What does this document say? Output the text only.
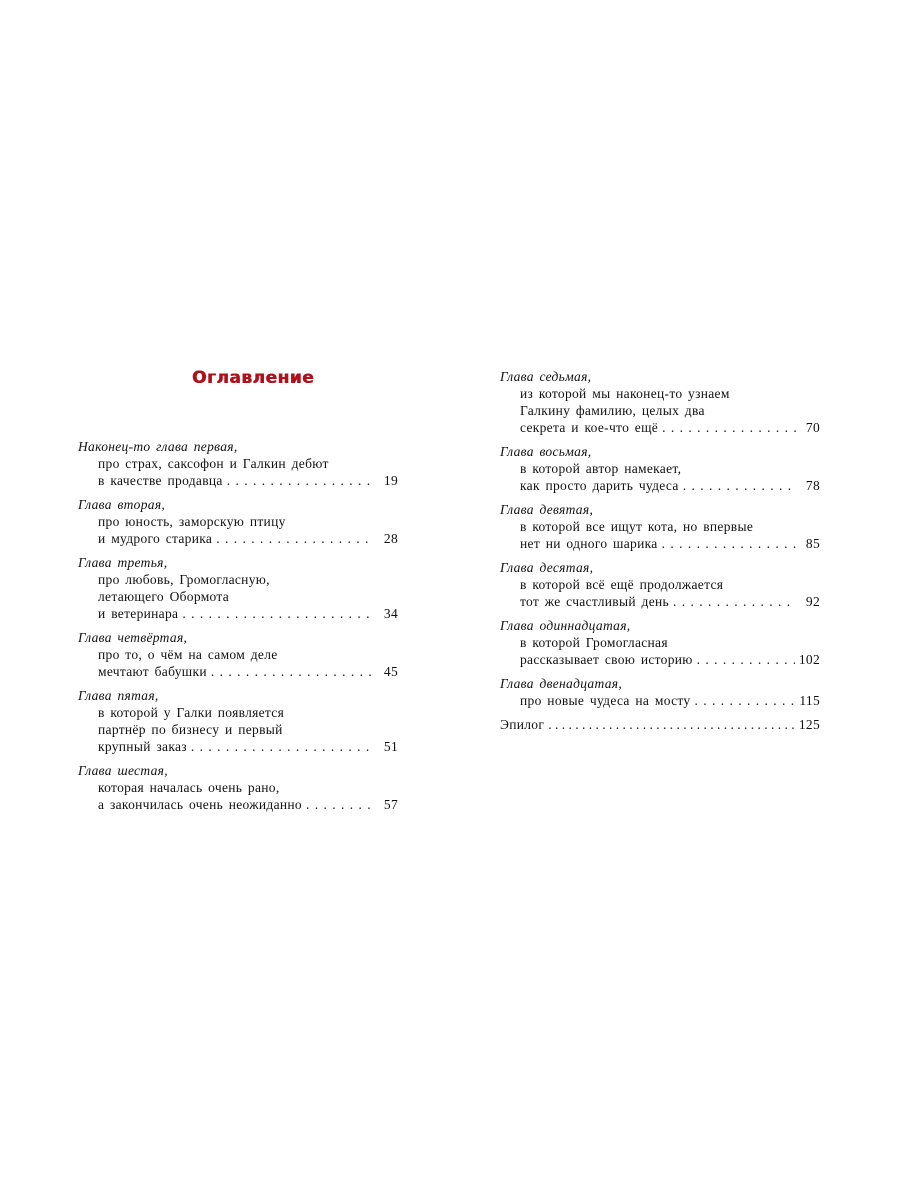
Оглавление
Наконец-то глава первая,
про страх, саксофон и Галкин дебют
в качестве продавца . . .	19
Глава вторая,
про юность, заморскую птицу
и мудрого старика . . .	28
Глава третья,
про любовь, Громогласную,
летающего Обормота
и ветеринара . . .	34
Глава четвёртая,
про то, о чём на самом деле
мечтают бабушки . . .	45
Глава пятая,
в которой у Галки появляется
партнёр по бизнесу и первый
крупный заказ . . .	51
Глава шестая,
которая началась очень рано,
а закончилась очень неожиданно . . .	57
Глава седьмая,
из которой мы наконец-то узнаем
Галкину фамилию, целых два
секрета и кое-что ещё . . .	70
Глава восьмая,
в которой автор намекает,
как просто дарить чудеса . . .	78
Глава девятая,
в которой все ищут кота, но впервые
нет ни одного шарика . . .	85
Глава десятая,
в которой всё ещё продолжается
тот же счастливый день . . .	92
Глава одиннадцатая,
в которой Громогласная
рассказывает свою историю . . .	102
Глава двенадцатая,
про новые чудеса на мосту . . .	115
Эпилог . . .	125
